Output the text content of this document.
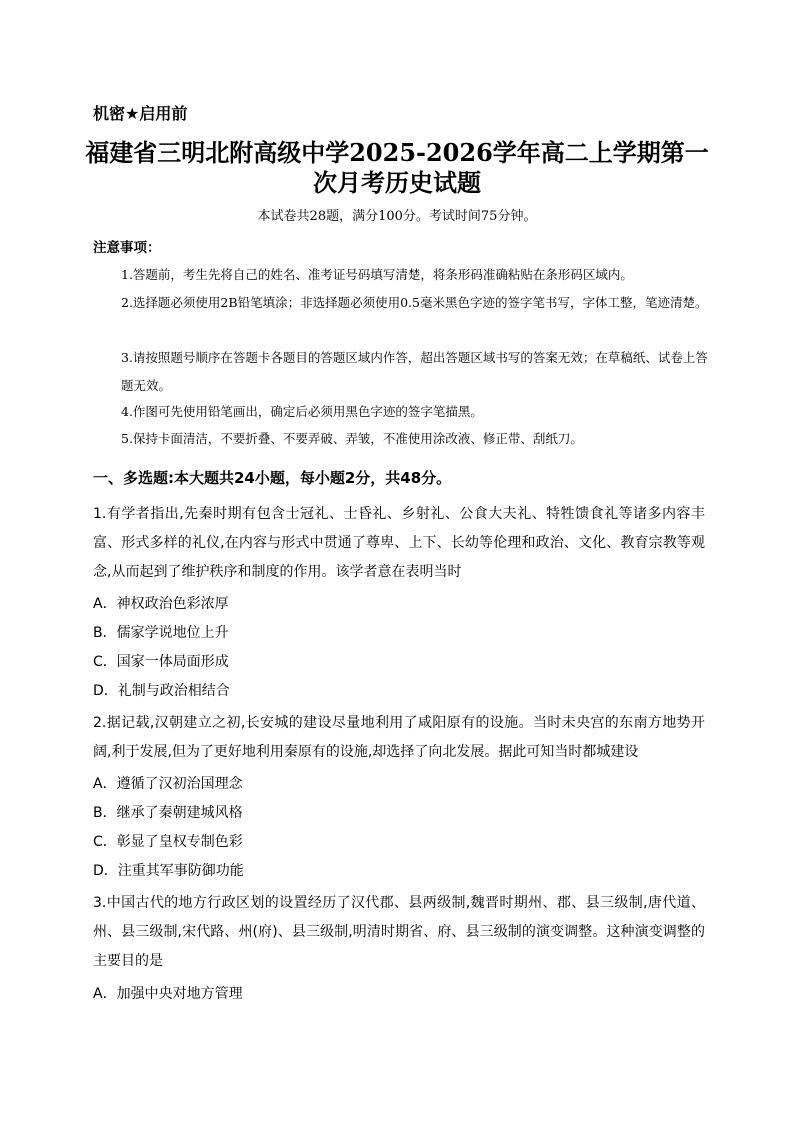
机密★启用前
福建省三明北附高级中学2025-2026学年高二上学期第一
次月考历史试题
本试卷共28题，满分100分。考试时间75分钟。
注意事项：
1.答题前，考生先将自己的姓名、准考证号码填写清楚，将条形码准确粘贴在条形码区域内。
2.选择题必须使用2B铅笔填涂；非选择题必须使用0.5毫米黑色字迹的签字笔书写，字体工整，笔迹清楚。
3.请按照题号顺序在答题卡各题目的答题区域内作答，超出答题区域书写的答案无效；在草稿纸、试卷上答题无效。
4.作图可先使用铅笔画出，确定后必须用黑色字迹的签字笔描黑。
5.保持卡面清洁，不要折叠、不要弄破、弄皱，不准使用涂改液、修正带、刮纸刀。
一、多选题:本大题共24小题，每小题2分，共48分。
1.有学者指出,先秦时期有包含士冠礼、士昏礼、乡射礼、公食大夫礼、特牲馈食礼等诸多内容丰富、形式多样的礼仪,在内容与形式中贯通了尊卑、上下、长幼等伦理和政治、文化、教育宗教等观念,从而起到了维护秩序和制度的作用。该学者意在表明当时
A．神权政治色彩浓厚
B．儒家学说地位上升
C．国家一体局面形成
D．礼制与政治相结合
2.据记载,汉朝建立之初,长安城的建设尽量地利用了咸阳原有的设施。当时未央宫的东南方地势开阔,利于发展,但为了更好地利用秦原有的设施,却选择了向北发展。据此可知当时都城建设
A．遵循了汉初治国理念
B．继承了秦朝建城风格
C．彰显了皇权专制色彩
D．注重其军事防御功能
3.中国古代的地方行政区划的设置经历了汉代郡、县两级制,魏晋时期州、郡、县三级制,唐代道、州、县三级制,宋代路、州(府)、县三级制,明清时期省、府、县三级制的演变调整。这种演变调整的主要目的是
A．加强中央对地方管理
